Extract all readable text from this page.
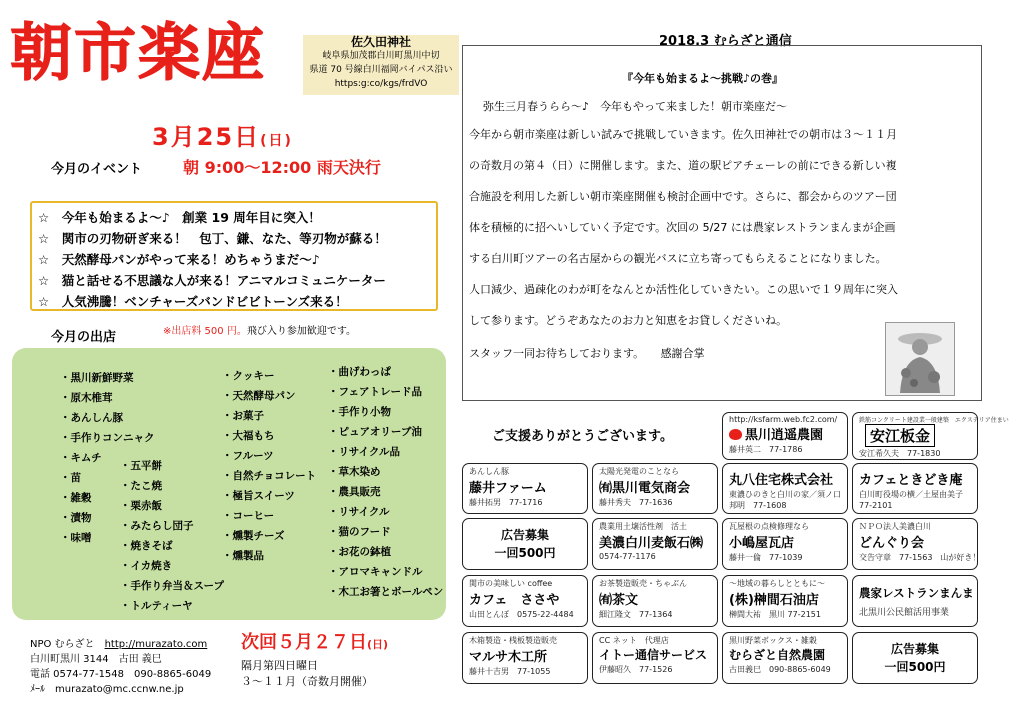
朝市楽座	佐久田神社
岐阜県加茂郡白川町黒川中切
県道 70 号線白川福岡バイパス沿い
https:g:co/kgs/frdVO
3月25日(日)
今月のイベント	朝 9:00～12:00 雨天決行
☆　今年も始まるよ～♪　創業 19 周年目に突入！
☆　関市の刃物研ぎ来る！　包丁、鎌、なた、等刃物が蘇る！
☆　天然酵母パンがやって来る！めちゃうまだ～♪
☆　猫と話せる不思議な人が来る！アニマルコミュニケーター
☆　人気沸騰！ベンチャーズバンドビビトーンズ来る！
今月の出店	※出店料 500 円。飛び入り参加歓迎です。
・黒川新鮮野菜
・原木椎茸
・あんしん豚
・手作りコンニャク
・キムチ
・苗
・雑穀
・漬物
・味噌
・五平餅
・たこ焼
・栗赤飯
・みたらし団子
・焼きそば
・イカ焼き
・手作り弁当＆スープ
・トルティーヤ
・クッキー
・天然酵母パン
・お菓子
・大福もち
・フルーツ
・自然チョコレート
・極旨スイーツ
・コーヒー
・燻製チーズ
・燻製品
・曲げわっぱ
・フェアトレード品
・手作り小物
・ピュアオリーブ油
・リサイクル品
・草木染め
・農具販売
・リサイクル
・猫のフード
・お花の鉢植
・アロマキャンドル
・木工お箸とボールペン
NPO むらざと　 http://murazato.com
白川町黒川 3144　古田 義巳
電話 0574-77-1548　090-8865-6049
ﾒｰﾙ　murazato@mc.ccnw.ne.jp
次回５月２７日(日)
隔月第四日曜日
３～１１月（奇数月開催）
2018.3 むらざと通信
『今年も始まるよ～挑戦♪の巻』
弥生三月春うらら～♪　今年もやって来ました！朝市楽座だ～
今年から朝市楽座は新しい試みで挑戦していきます。佐久田神社での朝市は３～１１月
の奇数月の第４（日）に開催します。また、道の駅ピアチェーレの前にできる新しい複
合施設を利用した新しい朝市楽座開催も検討企画中です。さらに、都会からのツアー団
体を積極的に招へいしていく予定です。次回の 5/27 には農家レストランまんまが企画
する白川町ツアーの名古屋からの観光バスに立ち寄ってもらえることになりました。
人口減少、過疎化のわが町をなんとか活性化していきたい。この思いで１９周年に突入
して参ります。どうぞあなたのお力と知恵をお貸しくださいね。
スタッフ一同お待ちしております。　　感謝合掌
ご支援ありがとうございます。
http://ksfarm.web.fc2.com/
黒川逍遥農園
藤井英二　77-1786
鉄筋コンクリート建設業一般建築　エクステリア住まい
安江板金
安江希久夫　77-1830
あんしん豚
藤井ファーム
藤井拓男　77-1716
太陽光発電のことなら
㈲黒川電気商会
藤井秀夫　77-1636
丸八住宅株式会社
東濃ひのきと白川の家／須ノ口邦明　77-1608
カフェときどき庵
白川町役場の横／土屋由美子　77-2101
広告募集
一回500円
農業用土壌活性剤　活土
美濃白川麦飯石㈱
0574-77-1176
瓦屋根の点検修理なら
小嶋屋瓦店
藤井一倫　77-1039
ＮＰＯ法人美濃白川
どんぐり会
交告守章　77-1563　山が好き！
関市の美味しい coffee
カフェ　ささや
山田とんぼ　0575-22-4484
お茶製造販売・ちゃぶん
㈲茶文
細江隆文　77-1364
～地域の暮らしとともに～
(株)榊間石油店
榊間大祐　黒川 77-2151
農家レストランまんま
北黒川公民館活用事業
木箱製造・桟板製造販売
マルサ木工所
藤井十吉男　77-1055
CC ネット　代理店
イトー通信サービス
伊藤昭久　77-1526
黒川野菜ボックス・雑穀
むらざと自然農園
古田義巳　090-8865-6049
広告募集
一回500円
